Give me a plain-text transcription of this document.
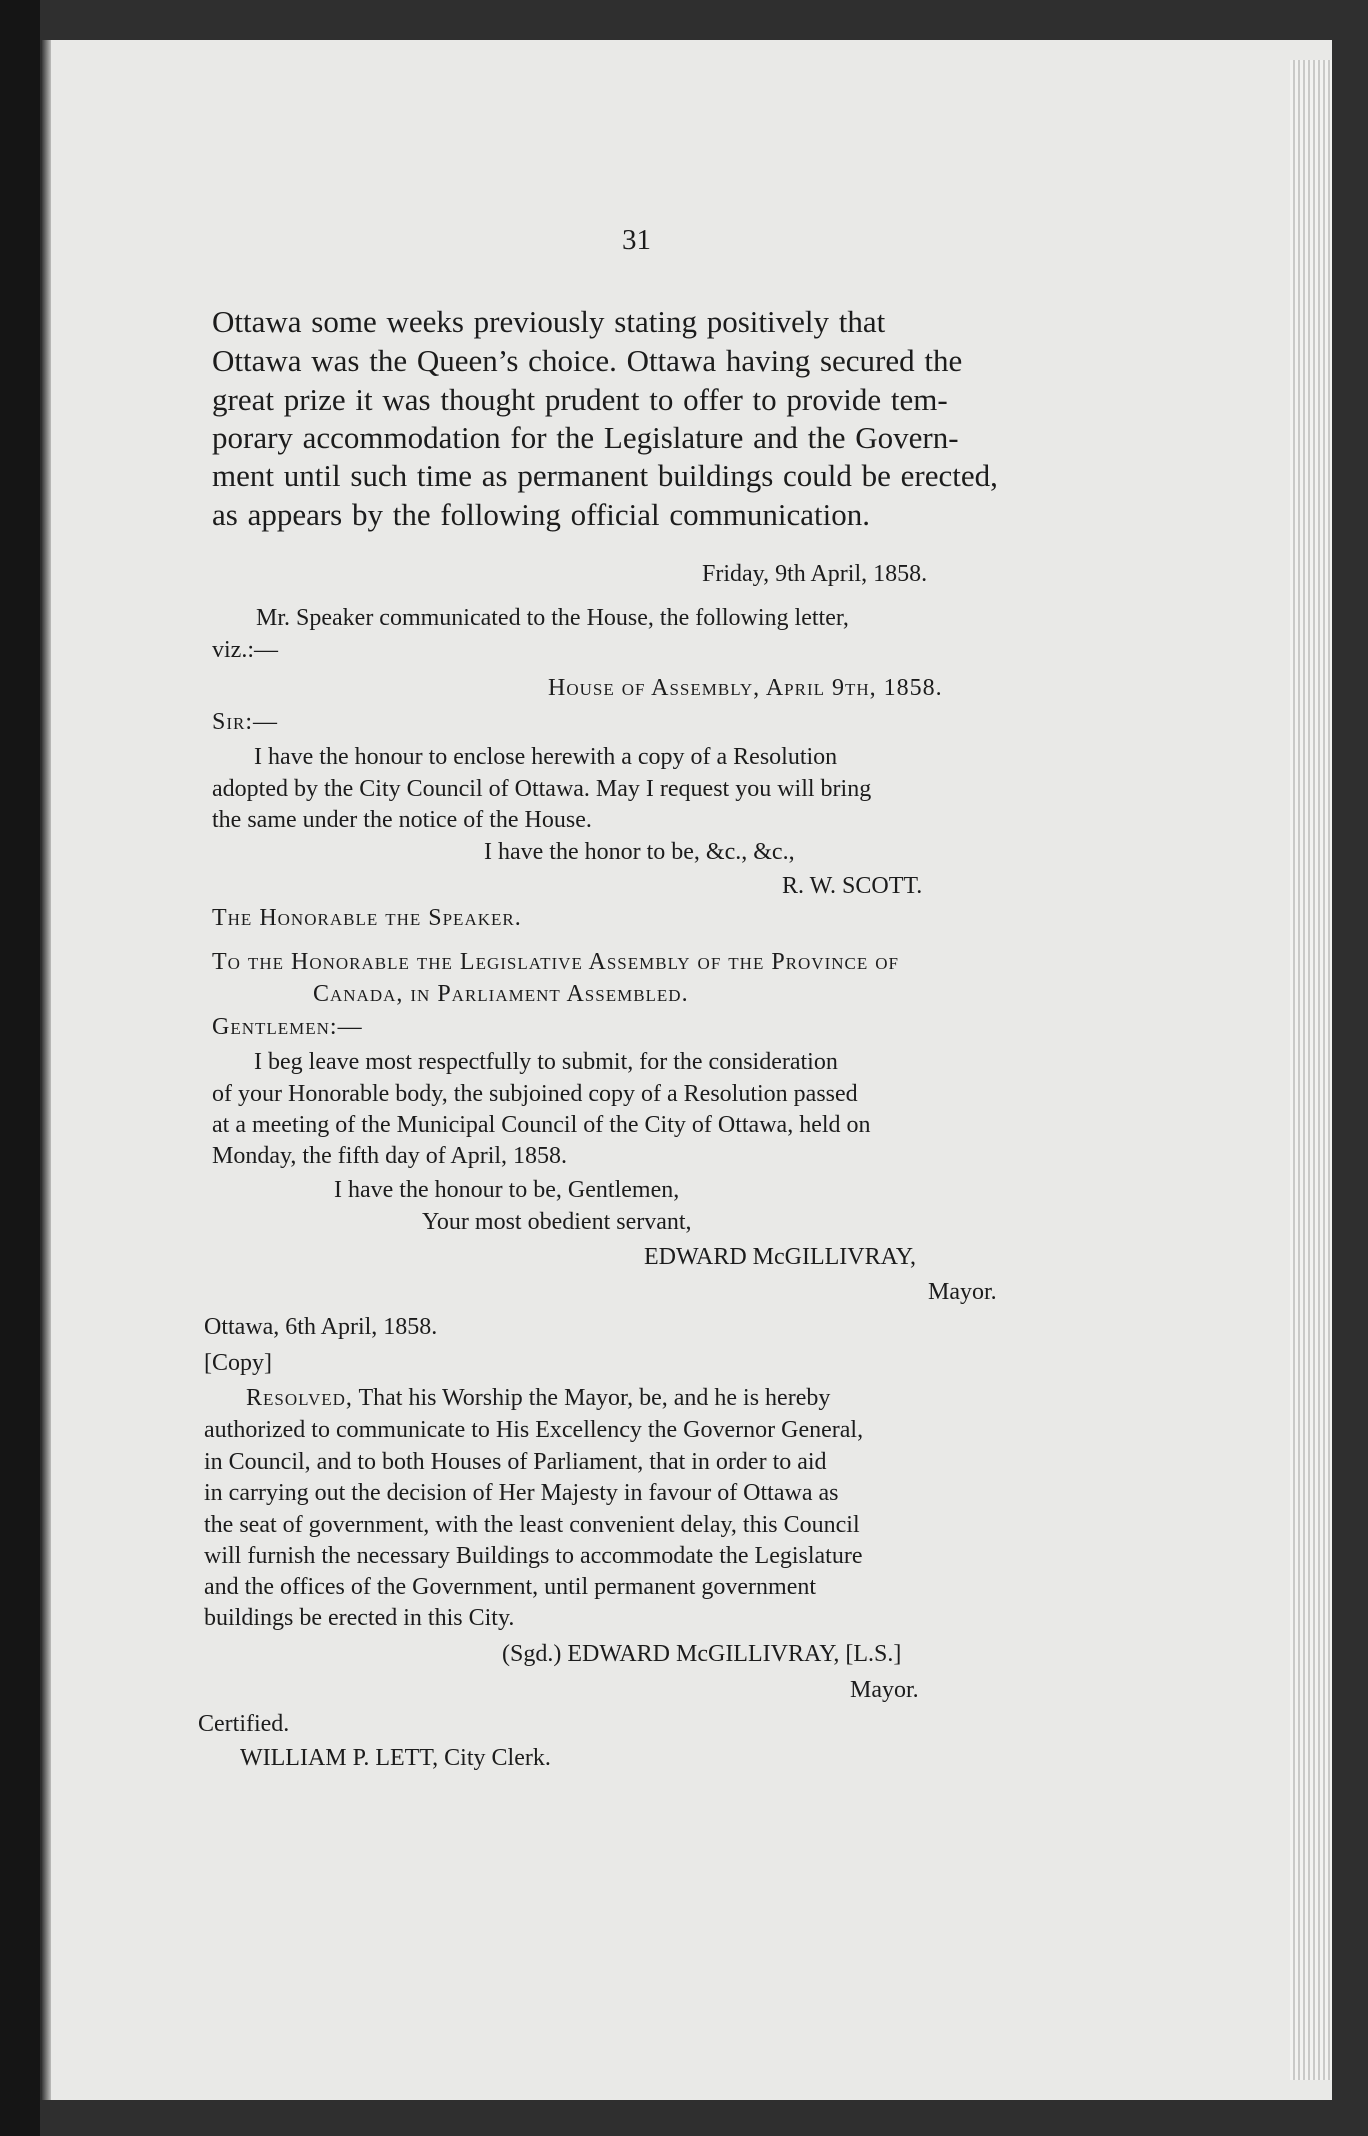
31
Ottawa some weeks previously stating positively that
Ottawa was the Queen’s choice. Ottawa having secured the
great prize it was thought prudent to offer to provide tem-
porary accommodation for the Legislature and the Govern-
ment until such time as permanent buildings could be erected,
as appears by the following official communication.
Friday, 9th April, 1858.
Mr. Speaker communicated to the House, the following letter,
viz.:—
House of Assembly, April 9th, 1858.
Sir:—
I have the honour to enclose herewith a copy of a Resolution
adopted by the City Council of Ottawa. May I request you will bring
the same under the notice of the House.
I have the honor to be, &c., &c.,
R. W. SCOTT.
The Honorable the Speaker.
To the Honorable the Legislative Assembly of the Province of
Canada, in Parliament Assembled.
Gentlemen:—
I beg leave most respectfully to submit, for the consideration
of your Honorable body, the subjoined copy of a Resolution passed
at a meeting of the Municipal Council of the City of Ottawa, held on
Monday, the fifth day of April, 1858.
I have the honour to be, Gentlemen,
Your most obedient servant,
EDWARD McGILLIVRAY,
Mayor.
Ottawa, 6th April, 1858.
[Copy]
Resolved, That his Worship the Mayor, be, and he is hereby
authorized to communicate to His Excellency the Governor General,
in Council, and to both Houses of Parliament, that in order to aid
in carrying out the decision of Her Majesty in favour of Ottawa as
the seat of government, with the least convenient delay, this Council
will furnish the necessary Buildings to accommodate the Legislature
and the offices of the Government, until permanent government
buildings be erected in this City.
(Sgd.) EDWARD McGILLIVRAY, [L.S.]
Mayor.
Certified.
WILLIAM P. LETT, City Clerk.
